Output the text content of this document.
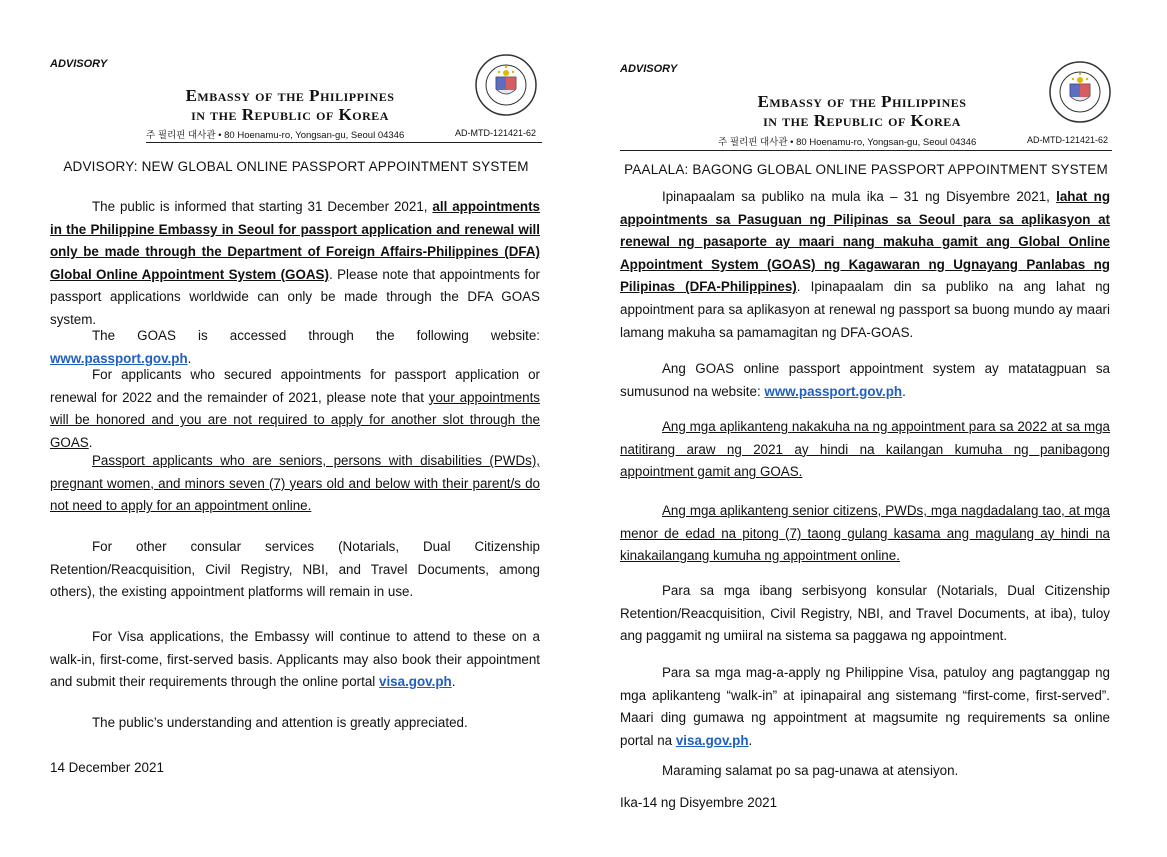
ADVISORY
Embassy of the Philippines
in the Republic of Korea
주 필리핀 대사관 • 80 Hoenamu-ro, Yongsan-gu, Seoul 04346	AD-MTD-121421-62
ADVISORY: NEW GLOBAL ONLINE PASSPORT APPOINTMENT SYSTEM

The public is informed that starting 31 December 2021, all appointments in the Philippine Embassy in Seoul for passport application and renewal will only be made through the Department of Foreign Affairs-Philippines (DFA) Global Online Appointment System (GOAS). Please note that appointments for passport applications worldwide can only be made through the DFA GOAS system.

The GOAS is accessed through the following website: www.passport.gov.ph.

For applicants who secured appointments for passport application or renewal for 2022 and the remainder of 2021, please note that your appointments will be honored and you are not required to apply for another slot through the GOAS.

Passport applicants who are seniors, persons with disabilities (PWDs), pregnant women, and minors seven (7) years old and below with their parent/s do not need to apply for an appointment online.

For other consular services (Notarials, Dual Citizenship Retention/Reacquisition, Civil Registry, NBI, and Travel Documents, among others), the existing appointment platforms will remain in use.

For Visa applications, the Embassy will continue to attend to these on a walk-in, first-come, first-served basis. Applicants may also book their appointment and submit their requirements through the online portal visa.gov.ph.

The public’s understanding and attention is greatly appreciated.

14 December 2021
ADVISORY
Embassy of the Philippines
in the Republic of Korea
주 필리핀 대사관 • 80 Hoenamu-ro, Yongsan-gu, Seoul 04346	AD-MTD-121421-62
PAALALA: BAGONG GLOBAL ONLINE PASSPORT APPOINTMENT SYSTEM

Ipinapaalam sa publiko na mula ika – 31 ng Disyembre 2021, lahat ng appointments sa Pasuguan ng Pilipinas sa Seoul para sa aplikasyon at renewal ng pasaporte ay maari nang makuha gamit ang Global Online Appointment System (GOAS) ng Kagawaran ng Ugnayang Panlabas ng Pilipinas (DFA-Philippines). Ipinapaalam din sa publiko na ang lahat ng appointment para sa aplikasyon at renewal ng passport sa buong mundo ay maari lamang makuha sa pamamagitan ng DFA-GOAS.

Ang GOAS online passport appointment system ay matatagpuan sa sumusunod na website: www.passport.gov.ph.

Ang mga aplikanteng nakakuha na ng appointment para sa 2022 at sa mga natitirang araw ng 2021 ay hindi na kailangan kumuha ng panibagong appointment gamit ang GOAS.

Ang mga aplikanteng senior citizens, PWDs, mga nagdadalang tao, at mga menor de edad na pitong (7) taong gulang kasama ang magulang ay hindi na kinakailangang kumuha ng appointment online.

Para sa mga ibang serbisyong konsular (Notarials, Dual Citizenship Retention/Reacquisition, Civil Registry, NBI, and Travel Documents, at iba), tuloy ang paggamit ng umiiral na sistema sa paggawa ng appointment.

Para sa mga mag-a-apply ng Philippine Visa, patuloy ang pagtanggap ng mga aplikanteng “walk-in” at ipinapairal ang sistemang “first-come, first-served”. Maari ding gumawa ng appointment at magsumite ng requirements sa online portal na visa.gov.ph.

Maraming salamat po sa pag-unawa at atensiyon.

Ika-14 ng Disyembre 2021
